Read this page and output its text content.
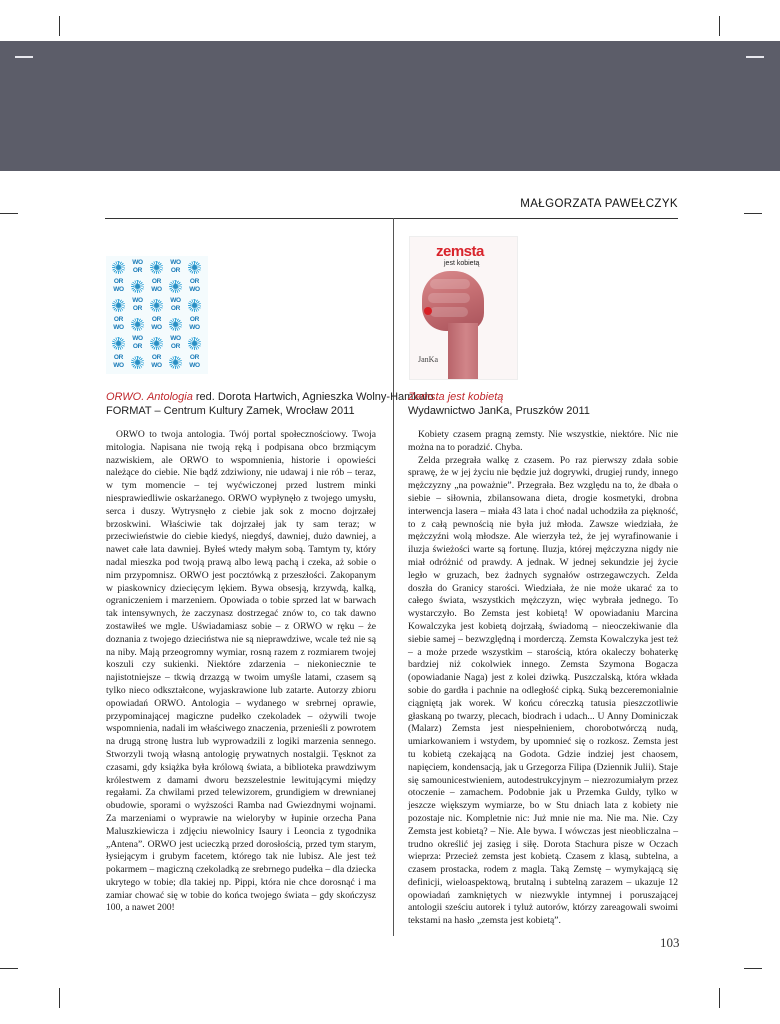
MAŁGORZATA PAWEŁCZYK
WO
OR
WO
OR
OR
WO
OR
WO
OR
WO
WO
OR
WO
OR
OR
WO
OR
WO
OR
WO
WO
OR
WO
OR
OR
WO
OR
WO
OR
WO
zemsta
jest kobietą
JanKa
ORWO. Antologia red. Dorota Hartwich, Agnieszka Wolny-Hamkało
FORMAT – Centrum Kultury Zamek, Wrocław 2011
Zemsta jest kobietą
Wydawnictwo JanKa, Pruszków 2011

ORWO to twoja antologia. Twój portal społecznościowy. Twoja mitologia. Napisana nie twoją ręką i podpisana obco brzmiącym nazwiskiem, ale ORWO to wspomnienia, historie i opowieści należące do ciebie. Nie bądź zdziwiony, nie udawaj i nie rób – teraz, w tym momencie – tej wyćwiczonej przed lustrem minki niesprawiedliwie oskarżanego. ORWO wypłynęło z twojego umysłu, serca i duszy. Wytrysnęło z ciebie jak sok z mocno dojrzałej brzoskwini. Właściwie tak dojrzałej jak ty sam teraz; w przeciwieństwie do ciebie kiedyś, niegdyś, dawniej, dużo dawniej, a nawet całe lata dawniej. Byłeś wtedy małym sobą. Tamtym ty, który nadal mieszka pod twoją prawą albo lewą pachą i czeka, aż sobie o nim przypomnisz. ORWO jest pocztówką z przeszłości. Zakopanym w piaskownicy dziecięcym lękiem. Bywa obsesją, krzywdą, kalką, ograniczeniem i marzeniem. Opowiada o tobie sprzed lat w barwach tak intensywnych, że zaczynasz dostrzegać znów to, co tak dawno zostawiłeś we mgle. Uświadamiasz sobie – z ORWO w ręku – że doznania z twojego dzieciństwa nie są nieprawdziwe, wcale też nie są na niby. Mają przeogromny wymiar, rosną razem z rozmiarem twojej koszuli czy sukienki. Niektóre zdarzenia – niekoniecznie te najistotniejsze – tkwią drzazgą w twoim umyśle latami, czasem są tylko nieco odkształcone, wyjaskrawione lub zatarte. Autorzy zbioru opowiadań ORWO. Antologia – wydanego w srebrnej oprawie, przypominającej magiczne pudełko czekoladek – ożywili twoje wspomnienia, nadali im właściwego znaczenia, przenieśli z powrotem na drugą stronę lustra lub wyprowadzili z logiki marzenia sennego. Stworzyli twoją własną antologię prywatnych nostalgii. Tęsknot za czasami, gdy książka była królową świata, a biblioteka prawdziwym królestwem z damami dworu bezszelestnie lewitującymi między regałami. Za chwilami przed telewizorem, grundigiem w drewnianej obudowie, sporami o wyższości Ramba nad Gwiezdnymi wojnami. Za marzeniami o wyprawie na wielorybу w łupinie orzecha Pana Maluszkiewicza i zdjęciu niewolnicy Isaury i Leoncia z tygodnika „Antena”. ORWO jest ucieczką przed dorosłością, przed tym starym, łysiejącym i grubym facetem, którego tak nie lubisz. Ale jest też pokarmem – magiczną czekoladką ze srebrnego pudełka – dla dziecka ukrytego w tobie; dla takiej np. Pippi, która nie chce dorosnąć i ma zamiar chować się w tobie do końca twojego świata – gdy skończysz 100, a nawet 200!

Kobiety czasem pragną zemsty. Nie wszystkie, niektóre. Nic nie można na to poradzić. Chyba.

Zelda przegrała walkę z czasem. Po raz pierwszy zdała sobie sprawę, że w jej życiu nie będzie już dogrywki, drugiej rundy, innego mężczyzny „na poważnie”. Przegrała. Bez względu na to, że dbała o siebie – siłownia, zbilansowana dieta, drogie kosmetyki, drobna interwencja lasera – miała 43 lata i choć nadal uchodziła za piękność, to z całą pewnością nie była już młoda. Zawsze wiedziała, że mężczyźni wolą młodsze. Ale wierzyła też, że jej wyrafinowanie i iluzja świeżości warte są fortunę. Iluzja, której mężczyzna nigdy nie miał odróżnić od prawdy. A jednak. W jednej sekundzie jej życie legło w gruzach, bez żadnych sygnałów ostrzegawczych. Zelda doszła do Granicy starości. Wiedziała, że nie może ukarać za to całego świata, wszystkich mężczyzn, więc wybrała jednego. To wystarczyło. Bo Zemsta jest kobietą! W opowiadaniu Marcina Kowalczyka jest kobietą dojrzałą, świadomą – nieoczekiwanie dla siebie samej – bezwzględną i morderczą. Zemsta Kowalczyka jest też – a może przede wszystkim – starością, która okaleczy bohaterkę bardziej niż cokolwiek innego. Zemsta Szymona Bogacza (opowiadanie Naga) jest z kolei dziwką. Puszczalską, która wkłada sobie do gardła i pachnie na odległość cipką. Suką bezceremonialnie ciągniętą jak worek. W końcu córeczką tatusia pieszczotliwie głaskaną po twarzy, plecach, biodrach i udach... U Anny Dominiczak (Malarz) Zemsta jest niespełnieniem, chorobotwórczą nudą, umiarkowaniem i wstydem, by upomnieć się o rozkosz. Zemsta jest tu kobietą czekającą na Godota. Gdzie indziej jest chaosem, napięciem, kondensacją, jak u Grzegorza Filipa (Dziennik Julii). Staje się samounicestwieniem, autodestrukcyjnym – niezrozumiałym przez otoczenie – zamachem. Podobnie jak u Przemka Guldy, tylko w jeszcze większym wymiarze, bo w Stu dniach lata z kobiety nie pozostaje nic. Kompletnie nic: Już mnie nie ma. Nie ma. Nie. Czy Zemsta jest kobietą? – Nie. Ale bywa. I wówczas jest nieobliczalna – trudno określić jej zasięg i siłę. Dorota Stachura pisze w Oczach wieprza: Przecież zemsta jest kobietą. Czasem z klasą, subtelna, a czasem prostacka, rodem z magla. Taką Zemstę – wymykającą się definicji, wieloaspektową, brutalną i subtelną zarazem – ukazuje 12 opowiadań zamkniętych w niezwykle intymnej i poruszającej antologii sześciu autorek i tyluż autorów, którzy zareagowali swoimi tekstami na hasło „zemsta jest kobietą”.

103
